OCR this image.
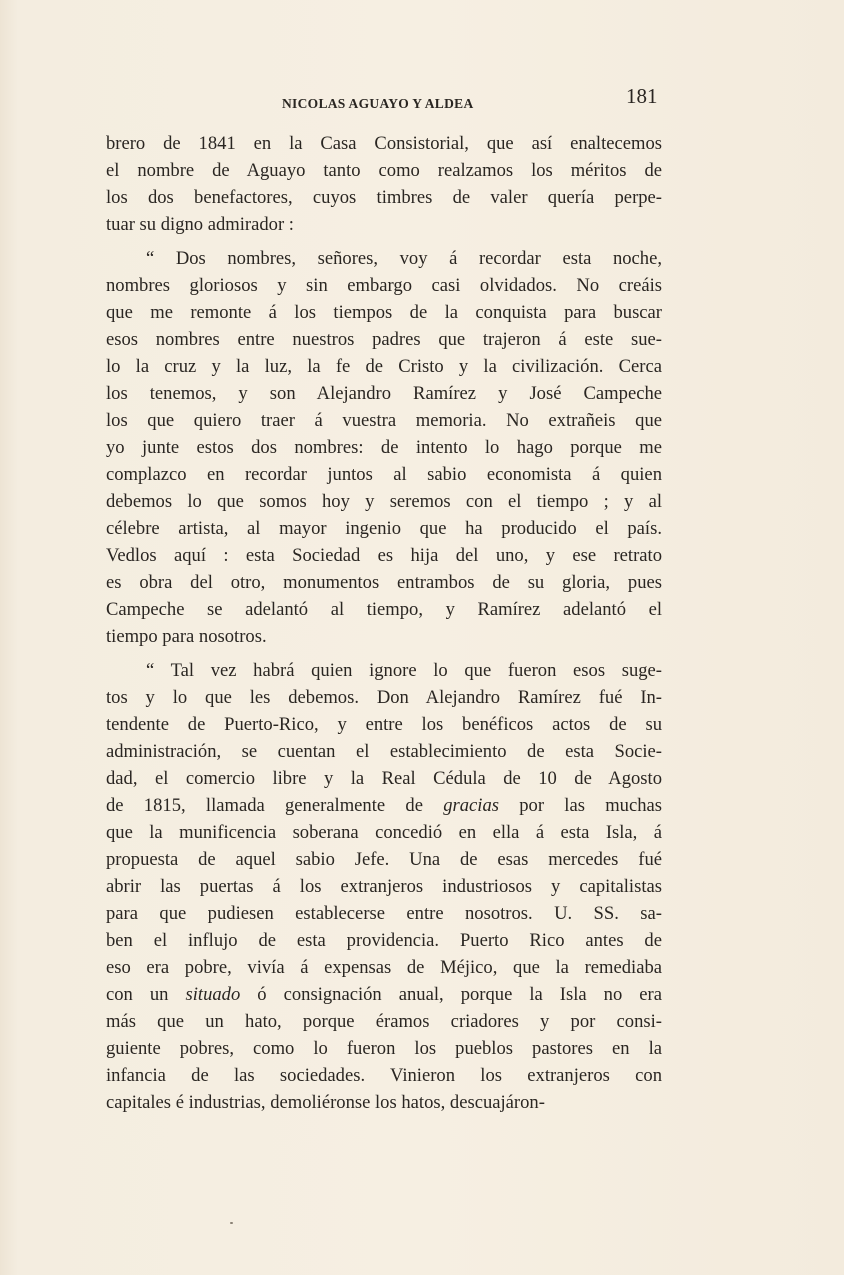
NICOLAS AGUAYO Y ALDEA	181
brero de 1841 en la Casa Consistorial, que así enaltecemos
el nombre de Aguayo tanto como realzamos los méritos de
los dos benefactores, cuyos timbres de valer quería perpe-
tuar su digno admirador :
“ Dos nombres, señores, voy á recordar esta noche,
nombres gloriosos y sin embargo casi olvidados. No creáis
que me remonte á los tiempos de la conquista para buscar
esos nombres entre nuestros padres que trajeron á este sue-
lo la cruz y la luz, la fe de Cristo y la civilización. Cerca
los tenemos, y son Alejandro Ramírez y José Campeche
los que quiero traer á vuestra memoria. No extrañeis que
yo junte estos dos nombres: de intento lo hago porque me
complazco en recordar juntos al sabio economista á quien
debemos lo que somos hoy y seremos con el tiempo ; y al
célebre artista, al mayor ingenio que ha producido el país.
Vedlos aquí : esta Sociedad es hija del uno, y ese retrato
es obra del otro, monumentos entrambos de su gloria, pues
Campeche se adelantó al tiempo, y Ramírez adelantó el
tiempo para nosotros.
“ Tal vez habrá quien ignore lo que fueron esos suge-
tos y lo que les debemos. Don Alejandro Ramírez fué In-
tendente de Puerto-Rico, y entre los benéficos actos de su
administración, se cuentan el establecimiento de esta Socie-
dad, el comercio libre y la Real Cédula de 10 de Agosto
de 1815, llamada generalmente de gracias por las muchas
que la munificencia soberana concedió en ella á esta Isla, á
propuesta de aquel sabio Jefe. Una de esas mercedes fué
abrir las puertas á los extranjeros industriosos y capitalistas
para que pudiesen establecerse entre nosotros. U. SS. sa-
ben el influjo de esta providencia. Puerto Rico antes de
eso era pobre, vivía á expensas de Méjico, que la remediaba
con un situado ó consignación anual, porque la Isla no era
más que un hato, porque éramos criadores y por consi-
guiente pobres, como lo fueron los pueblos pastores en la
infancia de las sociedades. Vinieron los extranjeros con
capitales é industrias, demoliéronse los hatos, descuajáron-
